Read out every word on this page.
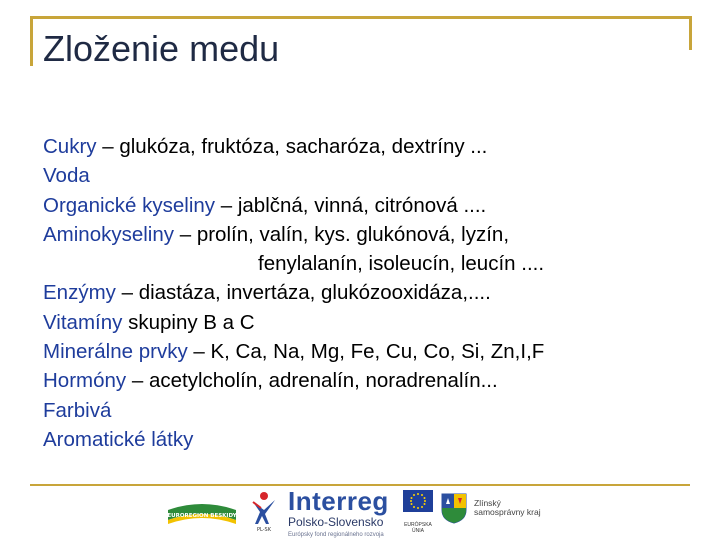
Zloženie medu
Cukry – glukóza, fruktóza, sacharóza, dextríny ...
Voda
Organické kyseliny – jablčná, vinná, citrónová ....
Aminokyseliny – prolín, valín, kys. glukónová, lyzín,
fenylalanín, isoleucín, leucín ....
Enzýmy – diastáza, invertáza, glukózooxidáza,....
Vitamíny skupiny B a C
Minerálne prvky – K, Ca, Na, Mg, Fe, Cu, Co, Si, Zn,I,F
Hormóny – acetylcholín, adrenalín, noradrenalín...
Farbivá
Aromatické látky
EUROREGION BESKIDY
PL-SK
Interreg
Polsko-Slovensko
Európsky fond regionálneho rozvoja
EURÓPSKA ÚNIA
Zlínský samosprávny kraj
